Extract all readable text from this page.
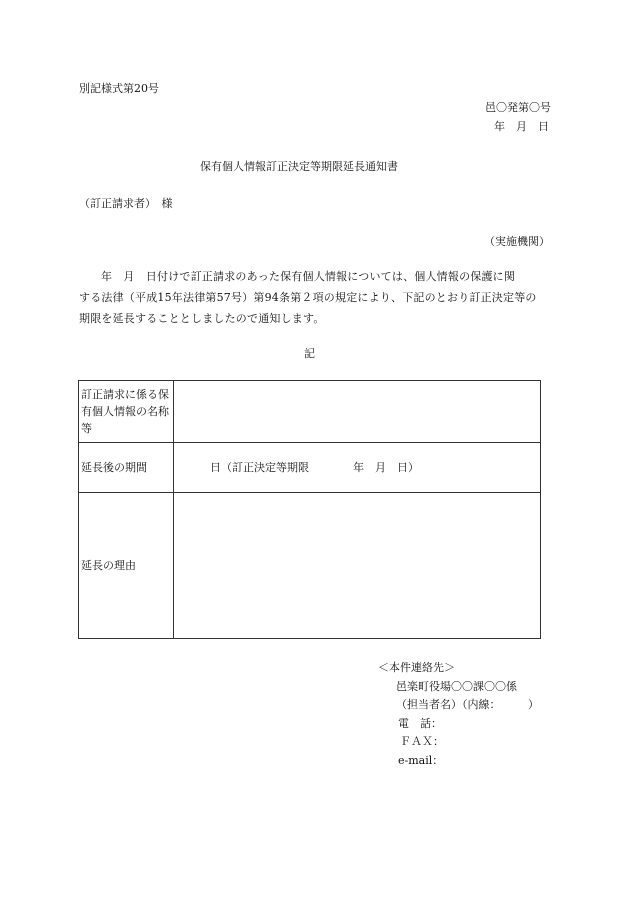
別記様式第20号
邑〇発第〇号
年　月　日
保有個人情報訂正決定等期限延長通知書
（訂正請求者）　様
（実施機関）
年　月　日付けで訂正請求のあった保有個人情報については、個人情報の保護に関
する法律（平成15年法律第57号）第94条第２項の規定により、下記のとおり訂正決定等の
期限を延長することとしましたので通知します。
記
訂正請求に係る保
有個人情報の名称
等	

延長後の期間	日（訂正決定等期限　　　　年　月　日）
延長の理由	
＜本件連絡先＞
邑楽町役場〇〇課〇〇係
（担当者名）（内線：　　　）
電　話：
ＦＡＸ：
e-mail：
